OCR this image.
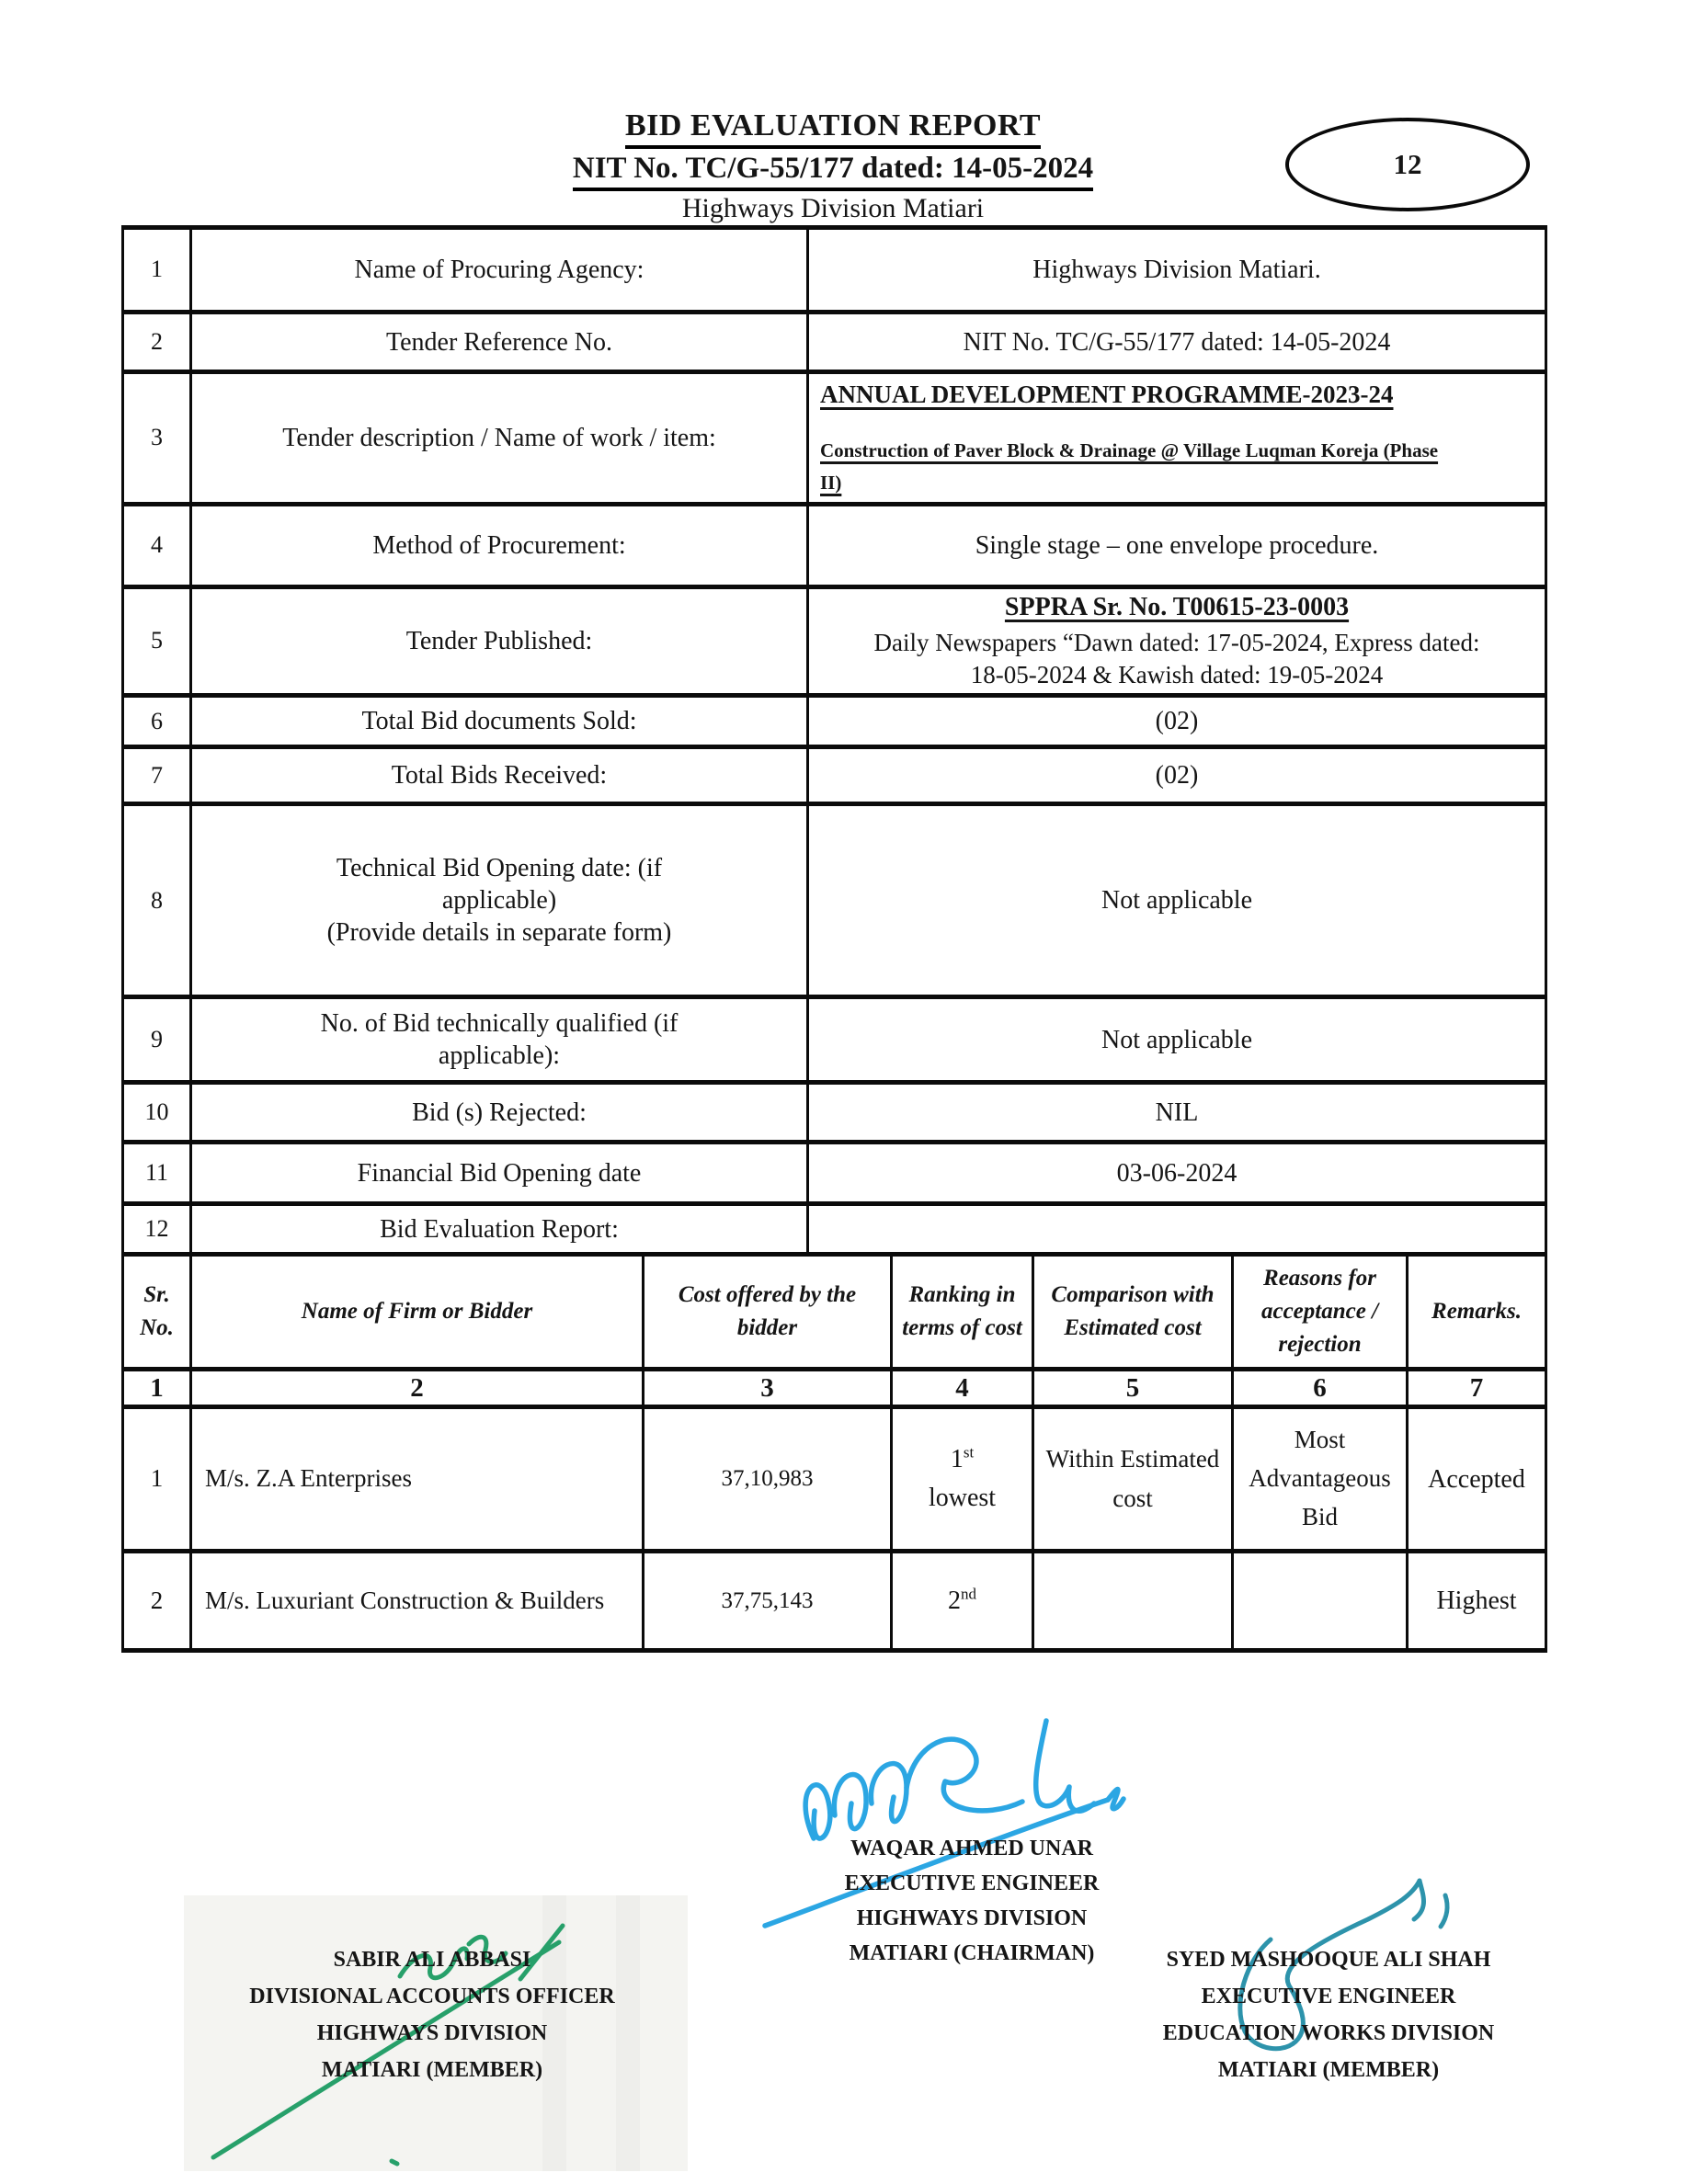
BID EVALUATION REPORT
NIT No. TC/G-55/177 dated: 14-05-2024
Highways Division Matiari
12
1	Name of Procuring Agency:	Highways Division Matiari.
2	Tender Reference No.	NIT No. TC/G-55/177 dated: 14-05-2024
3	Tender description / Name of work / item:	ANNUAL DEVELOPMENT PROGRAMME-2023-24
Construction of Paver Block & Drainage @ Village Luqman Koreja (Phase II)

4	Method of Procurement:	Single stage – one envelope procedure.
5	Tender Published:	SPPRA Sr. No. T00615-23-0003
Daily Newspapers “Dawn dated: 17-05-2024, Express dated: 18-05-2024 & Kawish dated: 19-05-2024

6	Total Bid documents Sold:	(02)
7	Total Bids Received:	(02)
8	Technical Bid Opening date: (if
applicable)
(Provide details in separate form)	Not applicable
9	No. of Bid technically qualified (if
applicable):	Not applicable
10	Bid (s) Rejected:	NIL
11	Financial Bid Opening date	03-06-2024
12	Bid Evaluation Report:	
Sr. No.	Name of Firm or Bidder	Cost offered by the bidder	Ranking in terms of cost	Comparison with Estimated cost	Reasons for acceptance / rejection	Remarks.
1	2	3	4	5	6	7
1	M/s. Z.A Enterprises	37,10,983	1st
lowest	Within Estimated cost	Most Advantageous Bid	Accepted
2	M/s. Luxuriant Construction & Builders	37,75,143	2nd			Highest
WAQAR AHMED UNAR
EXECUTIVE ENGINEER
HIGHWAYS DIVISION
MATIARI (CHAIRMAN)
SABIR ALI ABBASI
DIVISIONAL ACCOUNTS OFFICER
HIGHWAYS DIVISION
MATIARI (MEMBER)
SYED MASHOOQUE ALI SHAH
EXECUTIVE ENGINEER
EDUCATION WORKS DIVISION
MATIARI (MEMBER)
